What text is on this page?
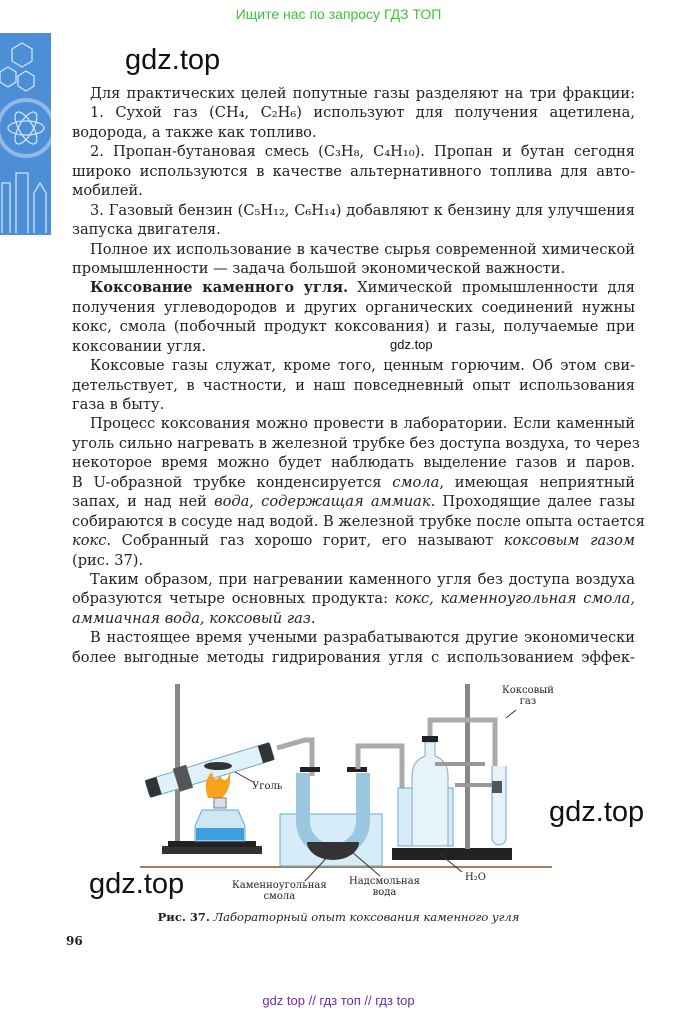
Ищите нас по запросу ГДЗ ТОП
gdz.top
gdz.top
gdz.top
gdz.top
Для практических целей попутные газы разделяют на три фракции:
1. Сухой газ (CH₄, C₂H₆) используют для получения ацетилена,
водорода, а также как топливо.
2. Пропан-бутановая смесь (C₃H₈, C₄H₁₀). Пропан и бутан сегодня
широко используются в качестве альтернативного топлива для авто-
мобилей.
3. Газовый бензин (C₅H₁₂, C₆H₁₄) добавляют к бензину для улучшения
запуска двигателя.
Полное их использование в качестве сырья современной химической
промышленности — задача большой экономической важности.
Коксование каменного угля. Химической промышленности для
получения углеводородов и других органических соединений нужны
кокс, смола (побочный продукт коксования) и газы, получаемые при
коксовании угля.
Коксовые газы служат, кроме того, ценным горючим. Об этом сви-
детельствует, в частности, и наш повседневный опыт использования
газа в быту.
Процесс коксования можно провести в лаборатории. Если каменный
уголь сильно нагревать в железной трубке без доступа воздуха, то через
некоторое время можно будет наблюдать выделение газов и паров.
В U-образной трубке конденсируется смола, имеющая неприятный
запах, и над ней вода, содержащая аммиак. Проходящие далее газы
собираются в сосуде над водой. В железной трубке после опыта остается
кокс. Собранный газ хорошо горит, его называют коксовым газом
(рис. 37).
Таким образом, при нагревании каменного угля без доступа воздуха
образуются четыре основных продукта: кокс, каменноугольная смола,
аммиачная вода, коксовый газ.
В настоящее время учеными разрабатываются другие экономически
более выгодные методы гидрирования угля с использованием эффек-
Уголь
Коксовый
газ
Каменноугольная
смола
Надсмольная
вода
H₂O
Рис. 37. Лабораторный опыт коксования каменного угля
96
gdz top // гдз топ // гдз top
